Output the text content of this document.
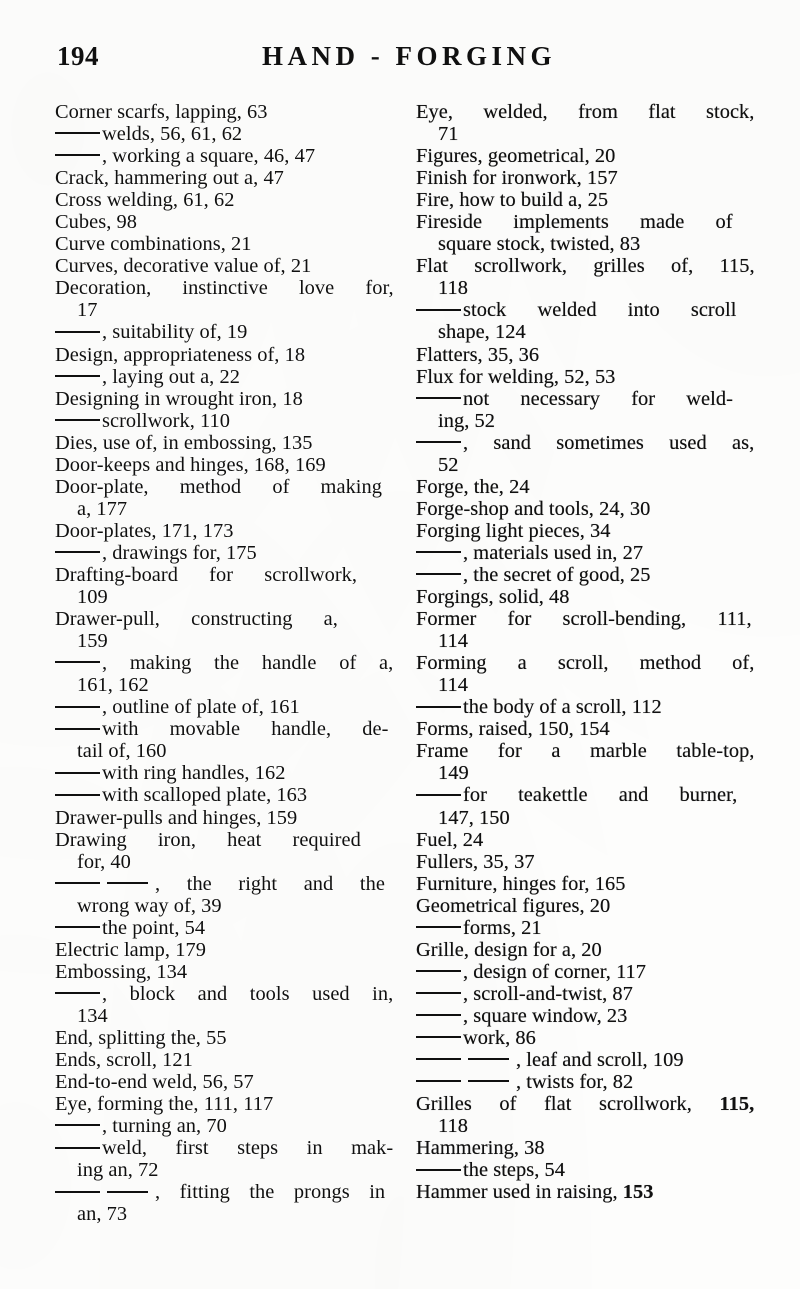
194	HAND - FORGING
Corner scarfs, lapping, 63
welds, 56, 61, 62
, working a square, 46, 47
Crack, hammering out a, 47
Cross welding, 61, 62
Cubes, 98
Curve combinations, 21
Curves, decorative value of, 21
Decoration, instinctive love for,
17
, suitability of, 19
Design, appropriateness of, 18
, laying out a, 22
Designing in wrought iron, 18
scrollwork, 110
Dies, use of, in embossing, 135
Door-keeps and hinges, 168, 169
Door-plate, method of making
a, 177
Door-plates, 171, 173
, drawings for, 175
Drafting-board for scrollwork,
109
Drawer-pull, constructing a,
159
, making the handle of a,
161, 162
, outline of plate of, 161
with movable handle, de-
tail of, 160
with ring handles, 162
with scalloped plate, 163
Drawer-pulls and hinges, 159
Drawing iron, heat required
for, 40
, the right and the
wrong way of, 39
the point, 54
Electric lamp, 179
Embossing, 134
, block and tools used in,
134
End, splitting the, 55
Ends, scroll, 121
End-to-end weld, 56, 57
Eye, forming the, 111, 117
, turning an, 70
weld, first steps in mak-
ing an, 72
, fitting the prongs in
an, 73
Eye, welded, from flat stock,
71
Figures, geometrical, 20
Finish for ironwork, 157
Fire, how to build a, 25
Fireside implements made of
square stock, twisted, 83
Flat scrollwork, grilles of, 115,
118
stock welded into scroll
shape, 124
Flatters, 35, 36
Flux for welding, 52, 53
not necessary for weld-
ing, 52
, sand sometimes used as,
52
Forge, the, 24
Forge-shop and tools, 24, 30
Forging light pieces, 34
, materials used in, 27
, the secret of good, 25
Forgings, solid, 48
Former for scroll-bending, 111,
114
Forming a scroll, method of,
114
the body of a scroll, 112
Forms, raised, 150, 154
Frame for a marble table-top,
149
for teakettle and burner,
147, 150
Fuel, 24
Fullers, 35, 37
Furniture, hinges for, 165
Geometrical figures, 20
forms, 21
Grille, design for a, 20
, design of corner, 117
, scroll-and-twist, 87
, square window, 23
work, 86
, leaf and scroll, 109
, twists for, 82
Grilles of flat scrollwork, 115,
118
Hammering, 38
the steps, 54
Hammer used in raising, 153
